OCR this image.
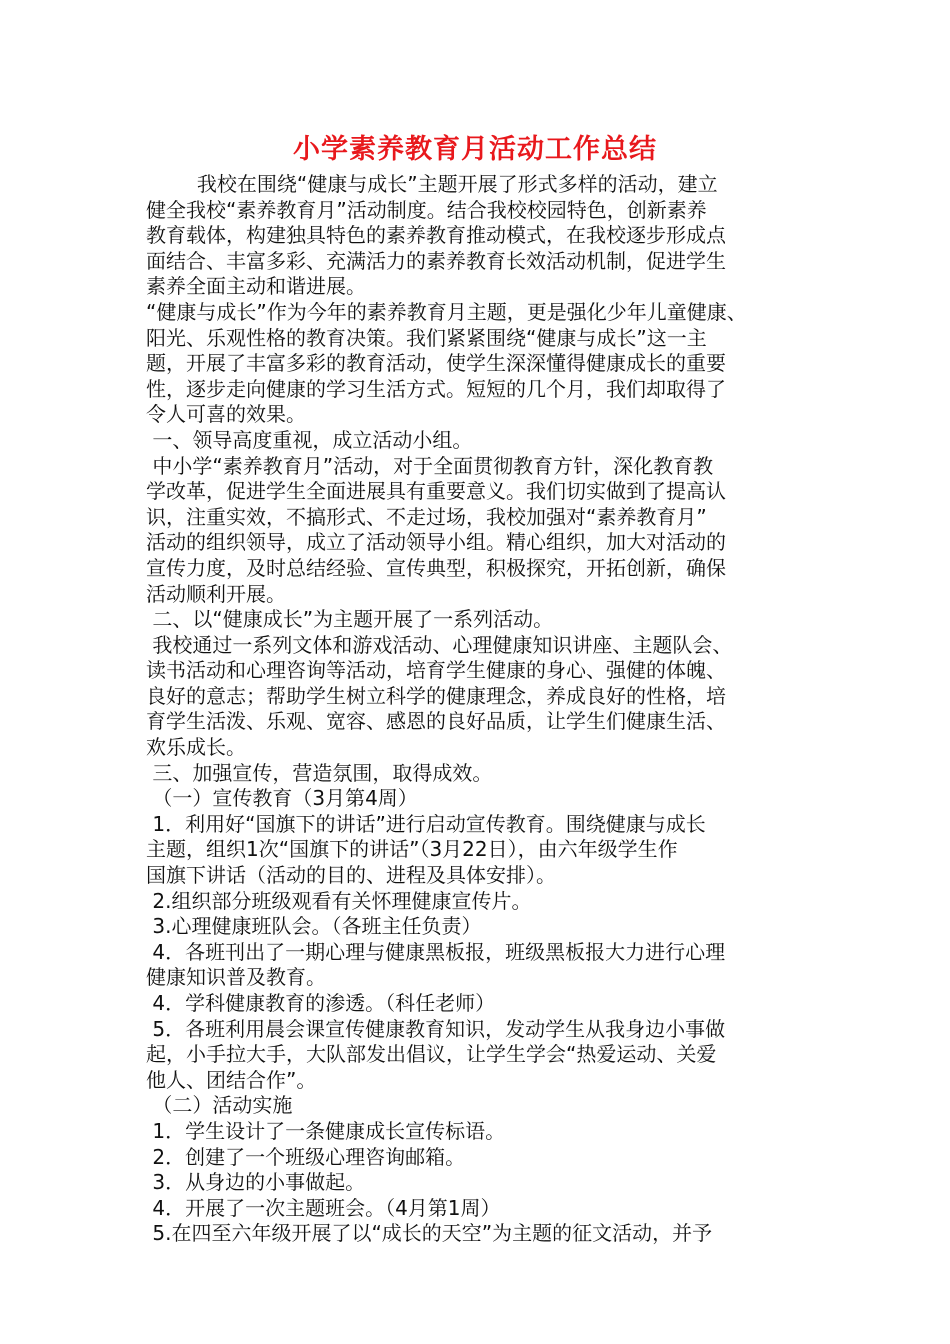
小学素养教育月活动工作总结
我校在围绕“健康与成长”主题开展了形式多样的活动，建立
健全我校“素养教育月”活动制度。结合我校校园特色，创新素养
教育载体，构建独具特色的素养教育推动模式，在我校逐步形成点
面结合、丰富多彩、充满活力的素养教育长效活动机制，促进学生
素养全面主动和谐进展。
“健康与成长”作为今年的素养教育月主题，更是强化少年儿童健康、
阳光、乐观性格的教育决策。我们紧紧围绕“健康与成长”这一主
题，开展了丰富多彩的教育活动，使学生深深懂得健康成长的重要
性，逐步走向健康的学习生活方式。短短的几个月，我们却取得了
令人可喜的效果。
一、领导高度重视，成立活动小组。
中小学“素养教育月”活动，对于全面贯彻教育方针，深化教育教
学改革，促进学生全面进展具有重要意义。我们切实做到了提高认
识，注重实效，不搞形式、不走过场，我校加强对“素养教育月”
活动的组织领导，成立了活动领导小组。精心组织，加大对活动的
宣传力度，及时总结经验、宣传典型，积极探究，开拓创新，确保
活动顺利开展。
二、以“健康成长”为主题开展了一系列活动。
我校通过一系列文体和游戏活动、心理健康知识讲座、主题队会、
读书活动和心理咨询等活动，培育学生健康的身心、强健的体魄、
良好的意志；帮助学生树立科学的健康理念，养成良好的性格，培
育学生活泼、乐观、宽容、感恩的良好品质，让学生们健康生活、
欢乐成长。
三、加强宣传，营造氛围，取得成效。
（一）宣传教育（3月第4周）
1．利用好“国旗下的讲话”进行启动宣传教育。围绕健康与成长
主题，组织1次“国旗下的讲话”（3月22日），由六年级学生作
国旗下讲话（活动的目的、进程及具体安排）。
2.组织部分班级观看有关怀理健康宣传片。
3.心理健康班队会。（各班主任负责）
4．各班刊出了一期心理与健康黑板报，班级黑板报大力进行心理
健康知识普及教育。
4．学科健康教育的渗透。（科任老师）
5．各班利用晨会课宣传健康教育知识，发动学生从我身边小事做
起，小手拉大手，大队部发出倡议，让学生学会“热爱运动、关爱
他人、团结合作”。
（二）活动实施
1．学生设计了一条健康成长宣传标语。
2．创建了一个班级心理咨询邮箱。
3．从身边的小事做起。
4．开展了一次主题班会。（4月第1周）
5.在四至六年级开展了以“成长的天空”为主题的征文活动，并予
